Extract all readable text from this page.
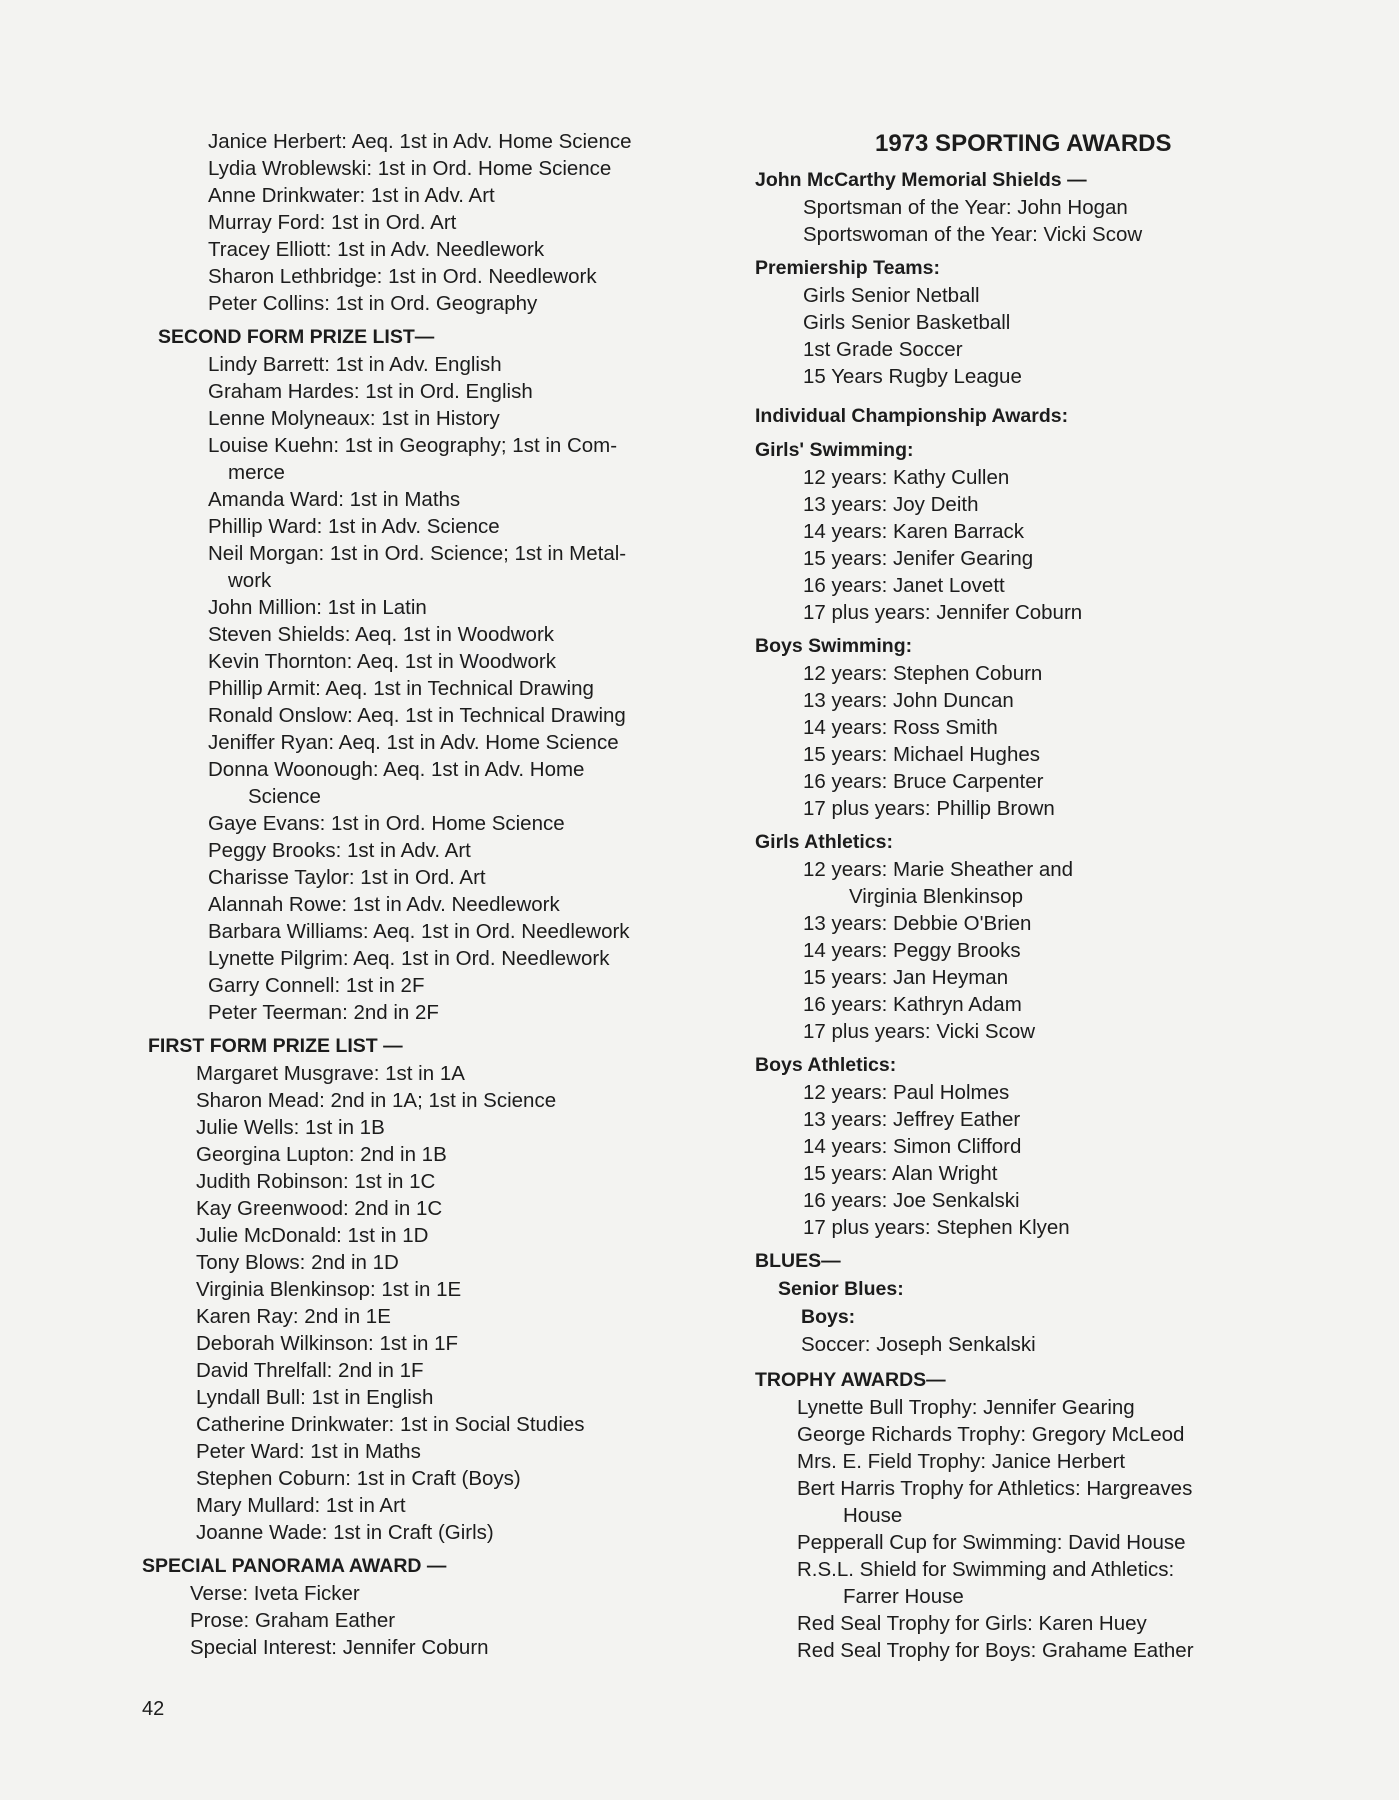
Janice Herbert: Aeq. 1st in Adv. Home Science
Lydia Wroblewski: 1st in Ord. Home Science
Anne Drinkwater: 1st in Adv. Art
Murray Ford: 1st in Ord. Art
Tracey Elliott: 1st in Adv. Needlework
Sharon Lethbridge: 1st in Ord. Needlework
Peter Collins: 1st in Ord. Geography
SECOND FORM PRIZE LIST—
Lindy Barrett: 1st in Adv. English
Graham Hardes: 1st in Ord. English
Lenne Molyneaux: 1st in History
Louise Kuehn: 1st in Geography; 1st in Com-
merce
Amanda Ward: 1st in Maths
Phillip Ward: 1st in Adv. Science
Neil Morgan: 1st in Ord. Science; 1st in Metal-
work
John Million: 1st in Latin
Steven Shields: Aeq. 1st in Woodwork
Kevin Thornton: Aeq. 1st in Woodwork
Phillip Armit: Aeq. 1st in Technical Drawing
Ronald Onslow: Aeq. 1st in Technical Drawing
Jeniffer Ryan: Aeq. 1st in Adv. Home Science
Donna Woonough: Aeq. 1st in Adv. Home
Science
Gaye Evans: 1st in Ord. Home Science
Peggy Brooks: 1st in Adv. Art
Charisse Taylor: 1st in Ord. Art
Alannah Rowe: 1st in Adv. Needlework
Barbara Williams: Aeq. 1st in Ord. Needlework
Lynette Pilgrim: Aeq. 1st in Ord. Needlework
Garry Connell: 1st in 2F
Peter Teerman: 2nd in 2F
FIRST FORM PRIZE LIST —
Margaret Musgrave: 1st in 1A
Sharon Mead: 2nd in 1A; 1st in Science
Julie Wells: 1st in 1B
Georgina Lupton: 2nd in 1B
Judith Robinson: 1st in 1C
Kay Greenwood: 2nd in 1C
Julie McDonald: 1st in 1D
Tony Blows: 2nd in 1D
Virginia Blenkinsop: 1st in 1E
Karen Ray: 2nd in 1E
Deborah Wilkinson: 1st in 1F
David Threlfall: 2nd in 1F
Lyndall Bull: 1st in English
Catherine Drinkwater: 1st in Social Studies
Peter Ward: 1st in Maths
Stephen Coburn: 1st in Craft (Boys)
Mary Mullard: 1st in Art
Joanne Wade: 1st in Craft (Girls)
SPECIAL PANORAMA AWARD —
Verse: Iveta Ficker
Prose: Graham Eather
Special Interest: Jennifer Coburn
42
1973 SPORTING AWARDS
John McCarthy Memorial Shields —
Sportsman of the Year: John Hogan
Sportswoman of the Year: Vicki Scow
Premiership Teams:
Girls Senior Netball
Girls Senior Basketball
1st Grade Soccer
15 Years Rugby League
Individual Championship Awards:
Girls' Swimming:
12 years: Kathy Cullen
13 years: Joy Deith
14 years: Karen Barrack
15 years: Jenifer Gearing
16 years: Janet Lovett
17 plus years: Jennifer Coburn
Boys Swimming:
12 years: Stephen Coburn
13 years: John Duncan
14 years: Ross Smith
15 years: Michael Hughes
16 years: Bruce Carpenter
17 plus years: Phillip Brown
Girls Athletics:
12 years: Marie Sheather and
Virginia Blenkinsop
13 years: Debbie O'Brien
14 years: Peggy Brooks
15 years: Jan Heyman
16 years: Kathryn Adam
17 plus years: Vicki Scow
Boys Athletics:
12 years: Paul Holmes
13 years: Jeffrey Eather
14 years: Simon Clifford
15 years: Alan Wright
16 years: Joe Senkalski
17 plus years: Stephen Klyen
BLUES—
Senior Blues:
Boys:
Soccer: Joseph Senkalski
TROPHY AWARDS—
Lynette Bull Trophy: Jennifer Gearing
George Richards Trophy: Gregory McLeod
Mrs. E. Field Trophy: Janice Herbert
Bert Harris Trophy for Athletics: Hargreaves
House
Pepperall Cup for Swimming: David House
R.S.L. Shield for Swimming and Athletics:
Farrer House
Red Seal Trophy for Girls: Karen Huey
Red Seal Trophy for Boys: Grahame Eather
